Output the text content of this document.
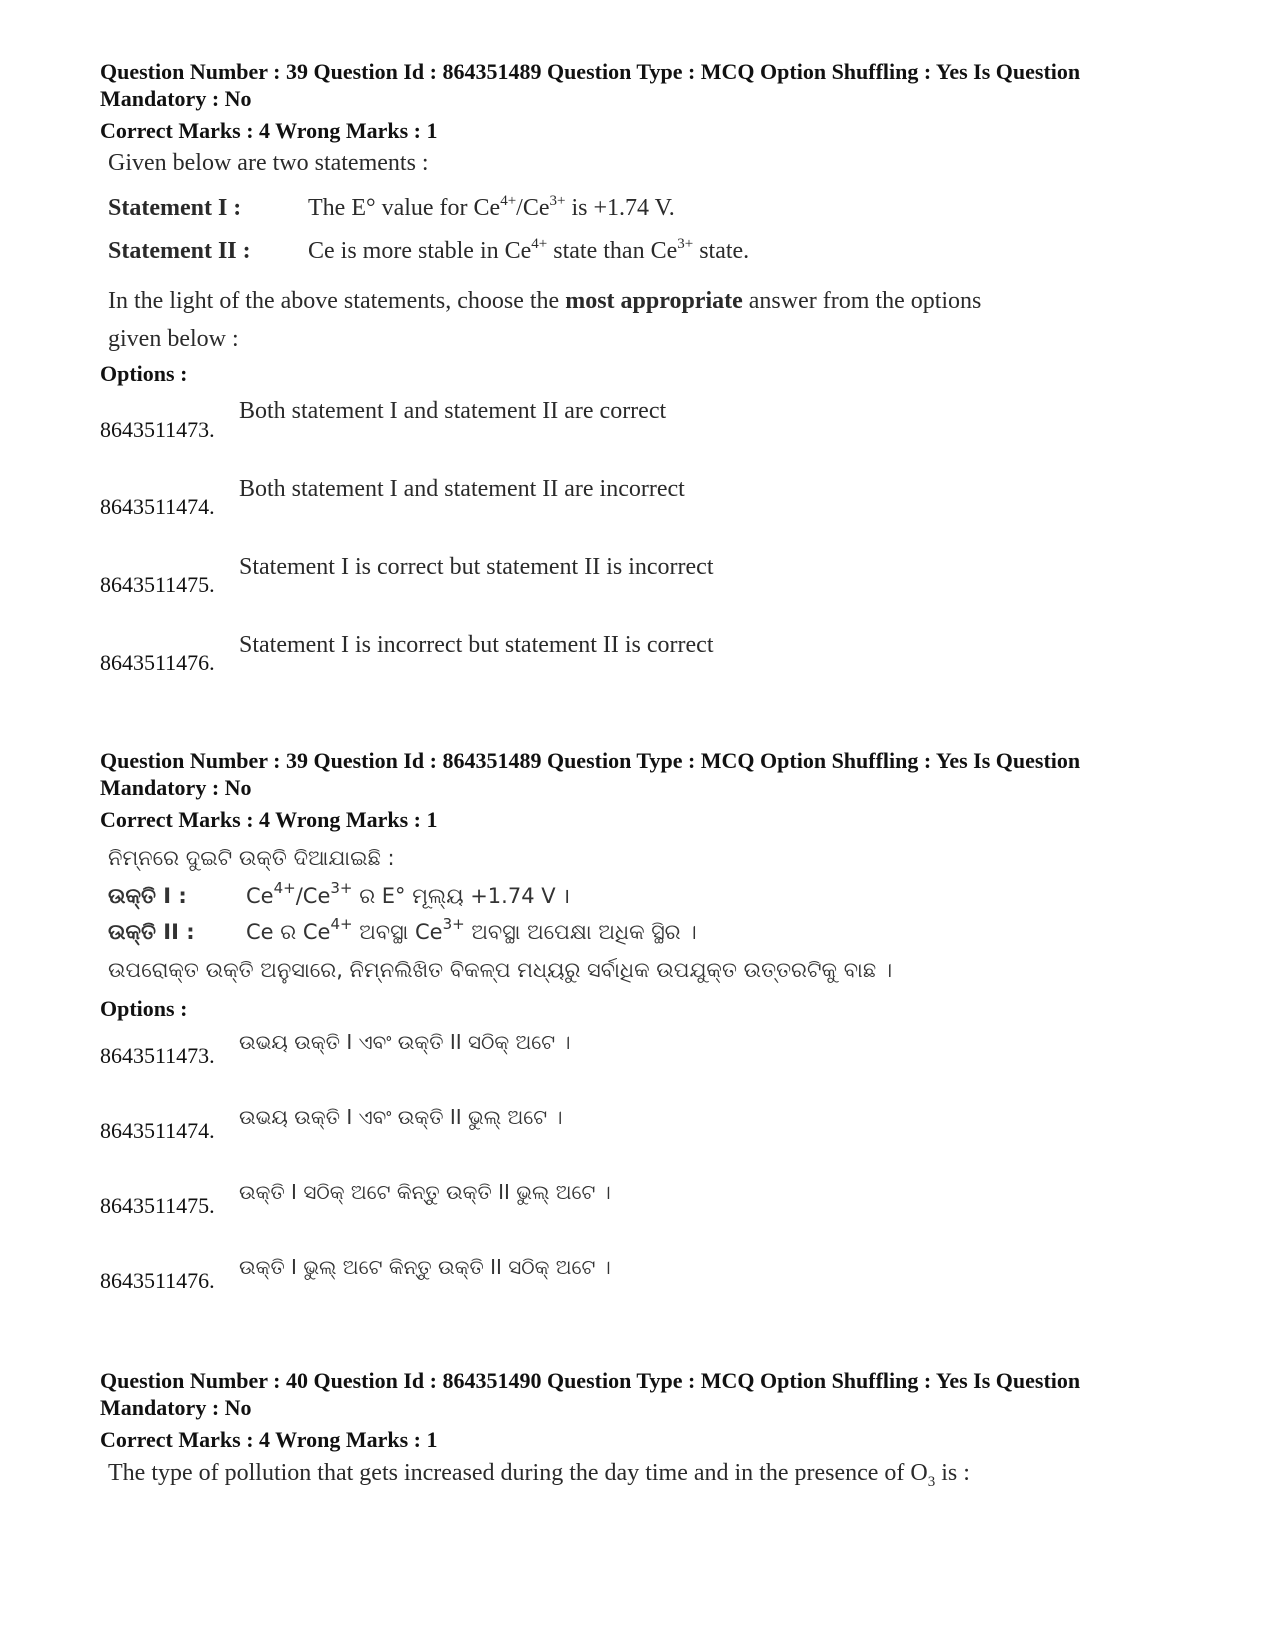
Question Number : 39 Question Id : 864351489 Question Type : MCQ Option Shuffling : Yes Is Question
Mandatory : No
Correct Marks : 4 Wrong Marks : 1
Given below are two statements :
Statement I :	The E° value for $Ce^{4+}/Ce^{3+}$ is +1.74 V.
Statement II : Ce is more stable in $Ce^{4+}$ state than $Ce^{3+}$ state.
In the light of the above statements, choose the most appropriate answer from the options
given below :
Options :
8643511473.
Both statement I and statement II are correct
8643511474.
Both statement I and statement II are incorrect
8643511475.
Statement I is correct but statement II is incorrect
8643511476.
Statement I is incorrect but statement II is correct
Question Number : 39 Question Id : 864351489 Question Type : MCQ Option Shuffling : Yes Is Question
Mandatory : No
Correct Marks : 4 Wrong Marks : 1
ନିମ୍ନରେ ଦୁଇଟି ଉକ୍ତି ଦିଆଯାଇଛି :
ଉକ୍ତି I :	$Ce^{4+}/Ce^{3+}$ ର E° ମୂଲ୍ୟ +1.74 V ।
ଉକ୍ତି II : Ce ର $Ce^{4+}$ ଅବସ୍ଥା $Ce^{3+}$ ଅବସ୍ଥା ଅପେକ୍ଷା ଅଧିକ ସ୍ଥିର ।
ଉପରୋକ୍ତ ଉକ୍ତି ଅନୁସାରେ, ନିମ୍ନଲିଖିତ ବିକଳ୍ପ ମଧ୍ୟରୁ ସର୍ବାଧିକ ଉପଯୁକ୍ତ ଉତ୍ତରଟିକୁ ବାଛ ।
Options :
8643511473.
ଉଭୟ ଉକ୍ତି I ଏବଂ ଉକ୍ତି II ସଠିକ୍ ଅଟେ ।
8643511474.
ଉଭୟ ଉକ୍ତି I ଏବଂ ଉକ୍ତି II ଭୁଲ୍ ଅଟେ ।
8643511475.
ଉକ୍ତି I ସଠିକ୍ ଅଟେ କିନ୍ତୁ ଉକ୍ତି II ଭୁଲ୍ ଅଟେ ।
8643511476.
ଉକ୍ତି I ଭୁଲ୍ ଅଟେ କିନ୍ତୁ ଉକ୍ତି II ସଠିକ୍ ଅଟେ ।
Question Number : 40 Question Id : 864351490 Question Type : MCQ Option Shuffling : Yes Is Question
Mandatory : No
Correct Marks : 4 Wrong Marks : 1
The type of pollution that gets increased during the day time and in the presence of $O_3$ is :
